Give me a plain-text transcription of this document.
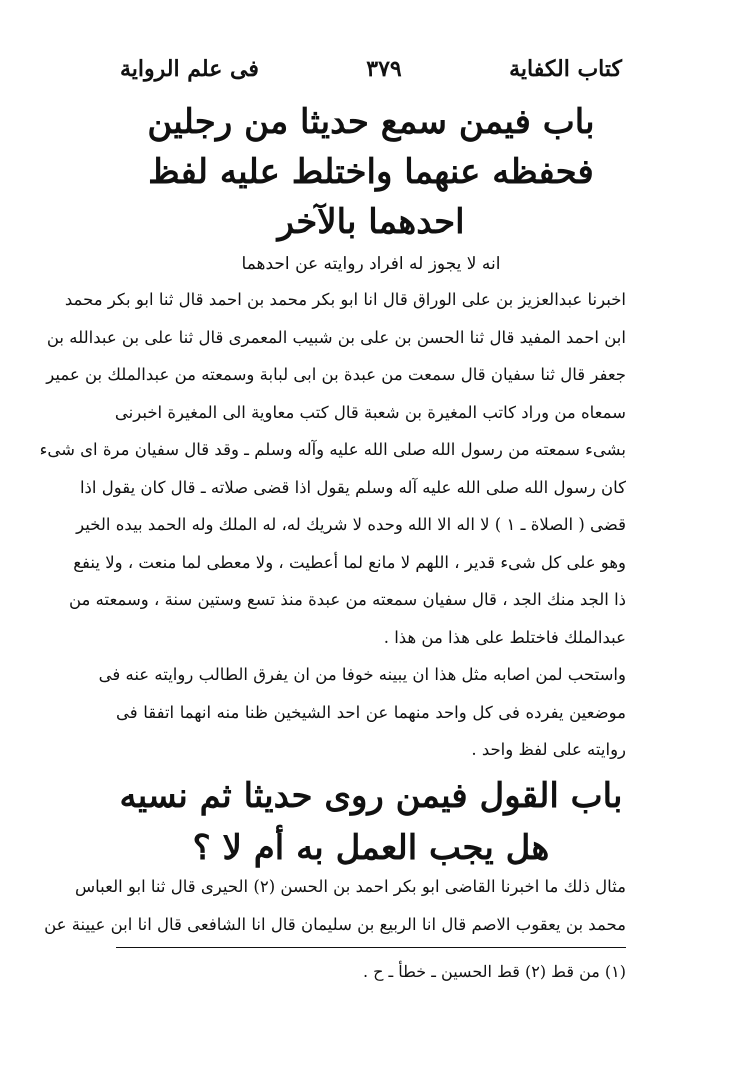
كتاب الكفاية
٣٧٩
فى علم الرواية
باب فيمن سمع حديثا من رجلين
فحفظه عنهما واختلط عليه لفظ
احدهما بالآخر
انه لا يجوز له افراد روايته عن احدهما
اخبرنا عبدالعزيز بن على الوراق قال انا ابو بكر محمد بن احمد قال ثنا ابو بكر محمد
ابن احمد المفيد قال ثنا الحسن بن على بن شبيب المعمرى قال ثنا على بن عبدالله بن
جعفر قال ثنا سفيان قال سمعت من عبدة بن ابى لبابة وسمعته من عبدالملك بن عمير
سمعاه من وراد كاتب المغيرة بن شعبة قال كتب معاوية الى المغيرة اخبرنى
بشىء سمعته من رسول الله صلى الله عليه وآله وسلم ـ وقد قال سفيان مرة اى شىء
كان رسول الله صلى الله عليه آله وسلم يقول اذا قضى صلاته ـ قال كان يقول اذا
قضى ( الصلاة ـ ١ ) لا اله الا الله وحده لا شريك له، له الملك وله الحمد بيده الخير
وهو على كل شىء قدير ، اللهم لا مانع لما أعطيت ، ولا معطى لما منعت ، ولا ينفع
ذا الجد منك الجد ، قال سفيان سمعته من عبدة منذ تسع وستين سنة ، وسمعته من
عبدالملك فاختلط على هذا من هذا .
واستحب لمن اصابه مثل هذا ان يبينه خوفا من ان يفرق الطالب روايته عنه فى
موضعين يفرده فى كل واحد منهما عن احد الشيخين ظنا منه انهما اتفقا فى
روايته على لفظ واحد .
باب القول فيمن روى حديثا ثم نسيه
هل يجب العمل به أم لا ؟
مثال ذلك ما اخبرنا القاضى ابو بكر احمد بن الحسن (٢) الحيرى قال ثنا ابو العباس
محمد بن يعقوب الاصم قال انا الربيع بن سليمان قال انا الشافعى قال انا ابن عيينة عن
(١) من قط (٢) قط الحسين ـ خطأ ـ ح .
